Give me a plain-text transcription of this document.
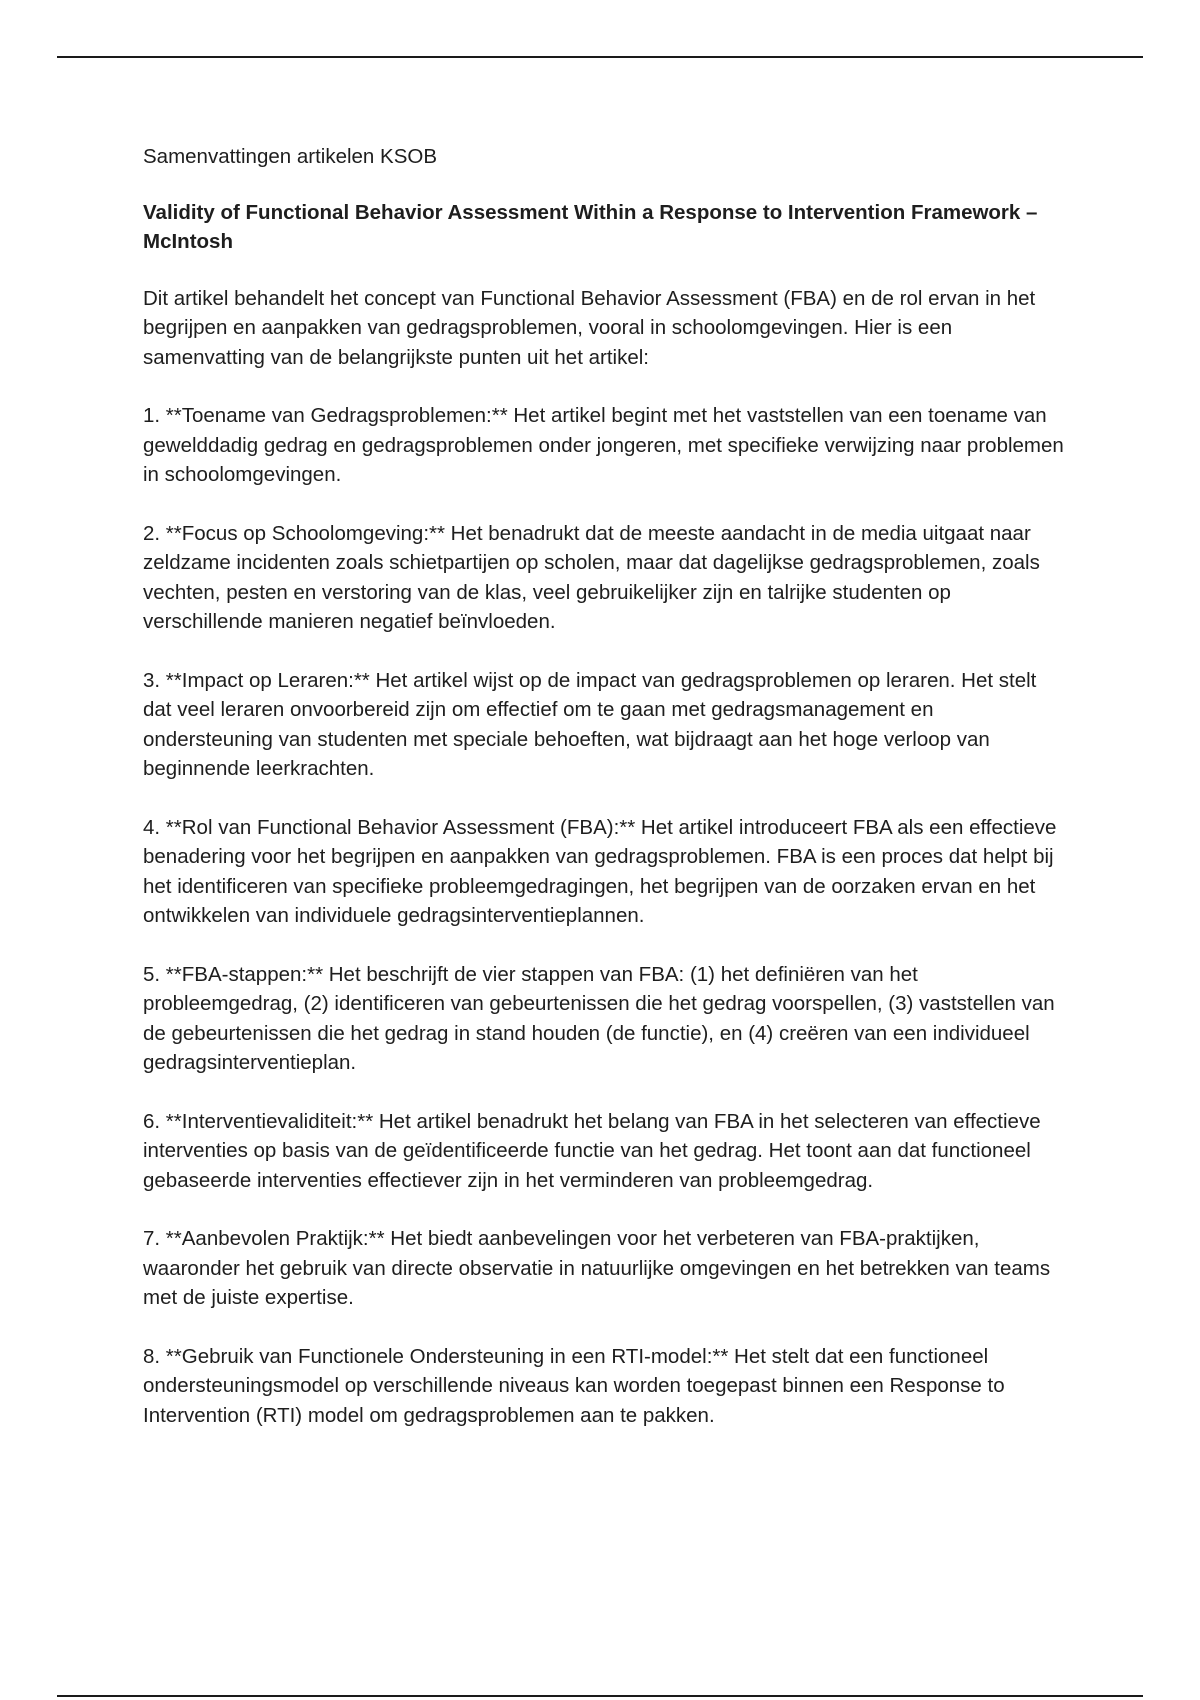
Samenvattingen artikelen KSOB

Validity of Functional Behavior Assessment Within a Response to Intervention Framework – McIntosh

Dit artikel behandelt het concept van Functional Behavior Assessment (FBA) en de rol ervan in het begrijpen en aanpakken van gedragsproblemen, vooral in schoolomgevingen. Hier is een samenvatting van de belangrijkste punten uit het artikel:

1. **Toename van Gedragsproblemen:** Het artikel begint met het vaststellen van een toename van gewelddadig gedrag en gedragsproblemen onder jongeren, met specifieke verwijzing naar problemen in schoolomgevingen.

2. **Focus op Schoolomgeving:** Het benadrukt dat de meeste aandacht in de media uitgaat naar zeldzame incidenten zoals schietpartijen op scholen, maar dat dagelijkse gedragsproblemen, zoals vechten, pesten en verstoring van de klas, veel gebruikelijker zijn en talrijke studenten op verschillende manieren negatief beïnvloeden.

3. **Impact op Leraren:** Het artikel wijst op de impact van gedragsproblemen op leraren. Het stelt dat veel leraren onvoorbereid zijn om effectief om te gaan met gedragsmanagement en ondersteuning van studenten met speciale behoeften, wat bijdraagt aan het hoge verloop van beginnende leerkrachten.

4. **Rol van Functional Behavior Assessment (FBA):** Het artikel introduceert FBA als een effectieve benadering voor het begrijpen en aanpakken van gedragsproblemen. FBA is een proces dat helpt bij het identificeren van specifieke probleemgedragingen, het begrijpen van de oorzaken ervan en het ontwikkelen van individuele gedragsinterventieplannen.

5. **FBA-stappen:** Het beschrijft de vier stappen van FBA: (1) het definiëren van het probleemgedrag, (2) identificeren van gebeurtenissen die het gedrag voorspellen, (3) vaststellen van de gebeurtenissen die het gedrag in stand houden (de functie), en (4) creëren van een individueel gedragsinterventieplan.

6. **Interventievaliditeit:** Het artikel benadrukt het belang van FBA in het selecteren van effectieve interventies op basis van de geïdentificeerde functie van het gedrag. Het toont aan dat functioneel gebaseerde interventies effectiever zijn in het verminderen van probleemgedrag.

7. **Aanbevolen Praktijk:** Het biedt aanbevelingen voor het verbeteren van FBA-praktijken, waaronder het gebruik van directe observatie in natuurlijke omgevingen en het betrekken van teams met de juiste expertise.

8. **Gebruik van Functionele Ondersteuning in een RTI-model:** Het stelt dat een functioneel ondersteuningsmodel op verschillende niveaus kan worden toegepast binnen een Response to Intervention (RTI) model om gedragsproblemen aan te pakken.
